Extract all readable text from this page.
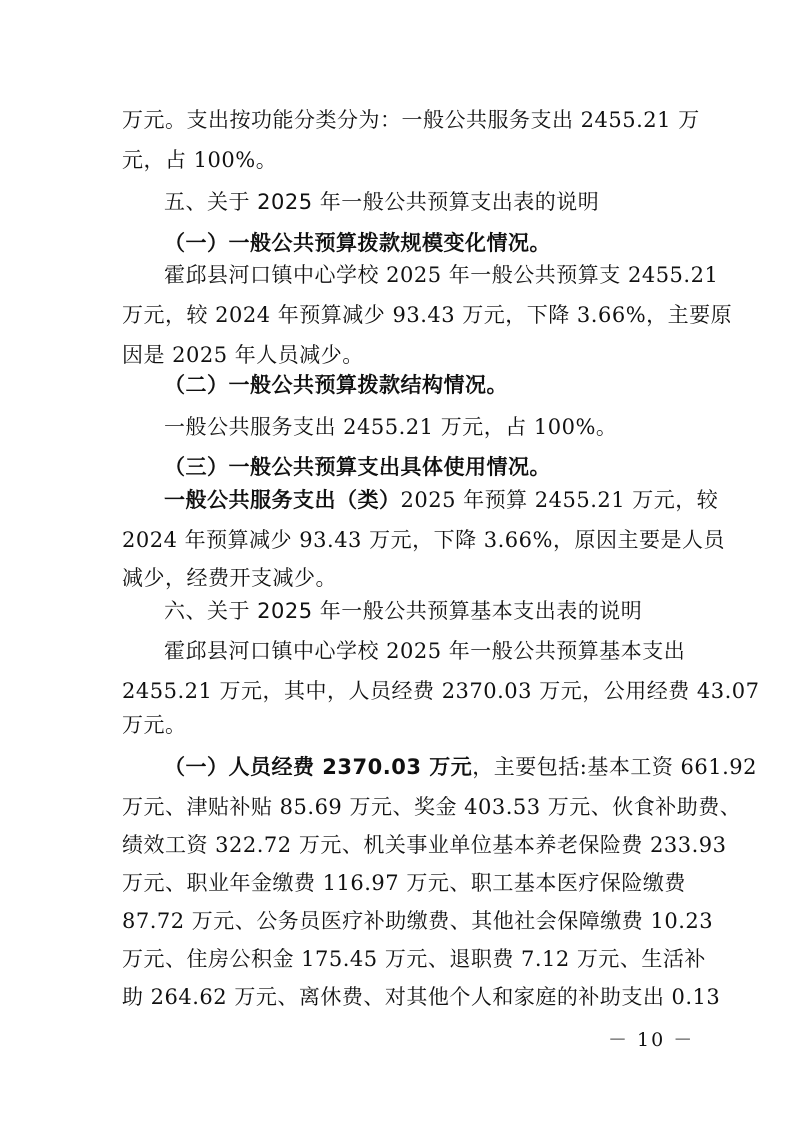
万元。支出按功能分类分为：一般公共服务支出 2455.21 万
元，占 100%。
五、关于 2025 年一般公共预算支出表的说明
（一）一般公共预算拨款规模变化情况。
霍邱县河口镇中心学校 2025 年一般公共预算支 2455.21
万元，较 2024 年预算减少 93.43 万元，下降 3.66%，主要原
因是 2025 年人员减少。
（二）一般公共预算拨款结构情况。
一般公共服务支出 2455.21 万元，占 100%。
（三）一般公共预算支出具体使用情况。
一般公共服务支出（类）2025 年预算 2455.21 万元，较
2024 年预算减少 93.43 万元，下降 3.66%，原因主要是人员
减少，经费开支减少。
六、关于 2025 年一般公共预算基本支出表的说明
霍邱县河口镇中心学校 2025 年一般公共预算基本支出
2455.21 万元，其中，人员经费 2370.03 万元，公用经费 43.07
万元。
（一）人员经费 2370.03 万元，主要包括:基本工资 661.92
万元、津贴补贴 85.69 万元、奖金 403.53 万元、伙食补助费、
绩效工资 322.72 万元、机关事业单位基本养老保险费 233.93
万元、职业年金缴费 116.97 万元、职工基本医疗保险缴费
87.72 万元、公务员医疗补助缴费、其他社会保障缴费 10.23
万元、住房公积金 175.45 万元、退职费 7.12 万元、生活补
助 264.62 万元、离休费、对其他个人和家庭的补助支出 0.13
－ 10 －
